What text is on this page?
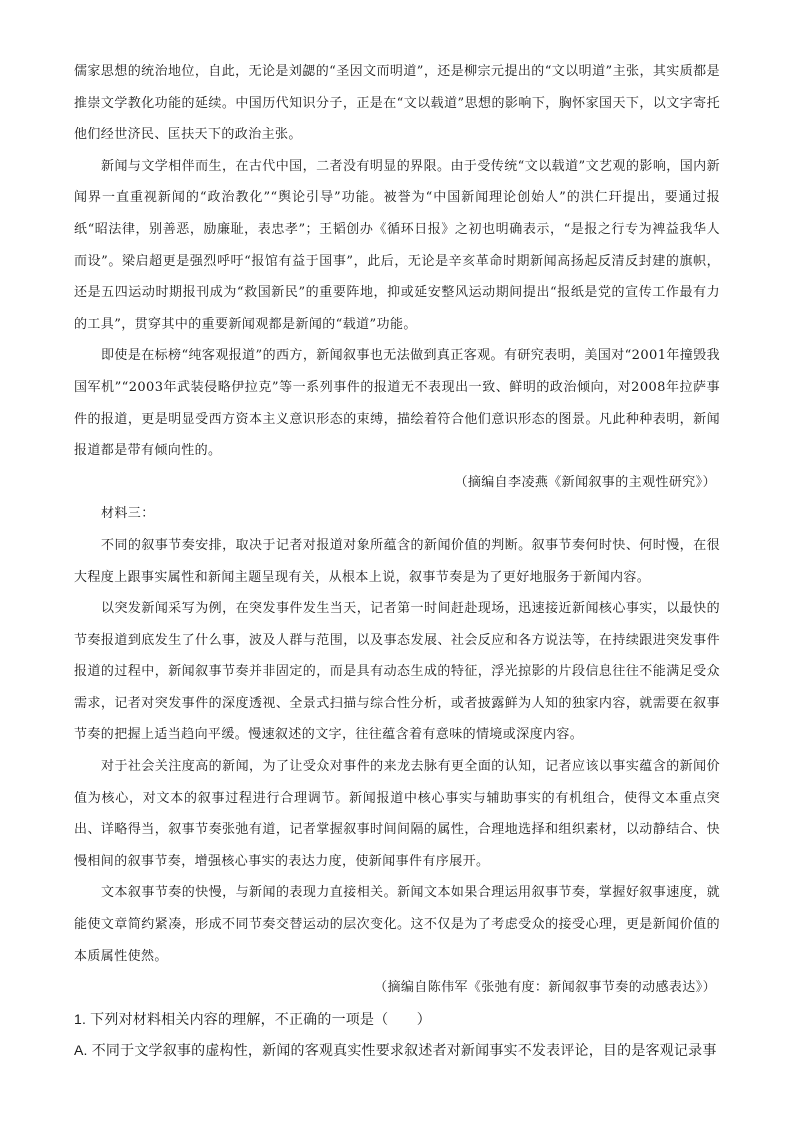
儒家思想的统治地位，自此，无论是刘勰的“圣因文而明道”，还是柳宗元提出的“文以明道”主张，其实质都是推崇文学教化功能的延续。中国历代知识分子，正是在“文以载道”思想的影响下，胸怀家国天下，以文字寄托他们经世济民、匡扶天下的政治主张。

新闻与文学相伴而生，在古代中国，二者没有明显的界限。由于受传统“文以载道”文艺观的影响，国内新闻界一直重视新闻的“政治教化”“舆论引导”功能。被誉为“中国新闻理论创始人”的洪仁玕提出，要通过报纸“昭法律，别善恶，励廉耻，表忠孝”；王韬创办《循环日报》之初也明确表示，“是报之行专为裨益我华人而设”。梁启超更是强烈呼吁“报馆有益于国事”，此后，无论是辛亥革命时期新闻高扬起反清反封建的旗帜，还是五四运动时期报刊成为“救国新民”的重要阵地，抑或延安整风运动期间提出“报纸是党的宣传工作最有力的工具”，贯穿其中的重要新闻观都是新闻的“载道”功能。

即使是在标榜“纯客观报道”的西方，新闻叙事也无法做到真正客观。有研究表明，美国对“2001年撞毁我国军机”“2003年武装侵略伊拉克”等一系列事件的报道无不表现出一致、鲜明的政治倾向，对2008年拉萨事件的报道，更是明显受西方资本主义意识形态的束缚，描绘着符合他们意识形态的图景。凡此种种表明，新闻报道都是带有倾向性的。

（摘编自李凌燕《新闻叙事的主观性研究》）

材料三：

不同的叙事节奏安排，取决于记者对报道对象所蕴含的新闻价值的判断。叙事节奏何时快、何时慢，在很大程度上跟事实属性和新闻主题呈现有关，从根本上说，叙事节奏是为了更好地服务于新闻内容。

以突发新闻采写为例，在突发事件发生当天，记者第一时间赶赴现场，迅速接近新闻核心事实，以最快的节奏报道到底发生了什么事，波及人群与范围，以及事态发展、社会反应和各方说法等，在持续跟进突发事件报道的过程中，新闻叙事节奏并非固定的，而是具有动态生成的特征，浮光掠影的片段信息往往不能满足受众需求，记者对突发事件的深度透视、全景式扫描与综合性分析，或者披露鲜为人知的独家内容，就需要在叙事节奏的把握上适当趋向平缓。慢速叙述的文字，往往蕴含着有意味的情境或深度内容。

对于社会关注度高的新闻，为了让受众对事件的来龙去脉有更全面的认知，记者应该以事实蕴含的新闻价值为核心，对文本的叙事过程进行合理调节。新闻报道中核心事实与辅助事实的有机组合，使得文本重点突出、详略得当，叙事节奏张弛有道，记者掌握叙事时间间隔的属性，合理地选择和组织素材，以动静结合、快慢相间的叙事节奏，增强核心事实的表达力度，使新闻事件有序展开。

文本叙事节奏的快慢，与新闻的表现力直接相关。新闻文本如果合理运用叙事节奏，掌握好叙事速度，就能使文章简约紧凑，形成不同节奏交替运动的层次变化。这不仅是为了考虑受众的接受心理，更是新闻价值的本质属性使然。

（摘编自陈伟军《张弛有度：新闻叙事节奏的动感表达》）

1. 下列对材料相关内容的理解，不正确的一项是（　　）

A. 不同于文学叙事的虚构性，新闻的客观真实性要求叙述者对新闻事实不发表评论，目的是客观记录事
